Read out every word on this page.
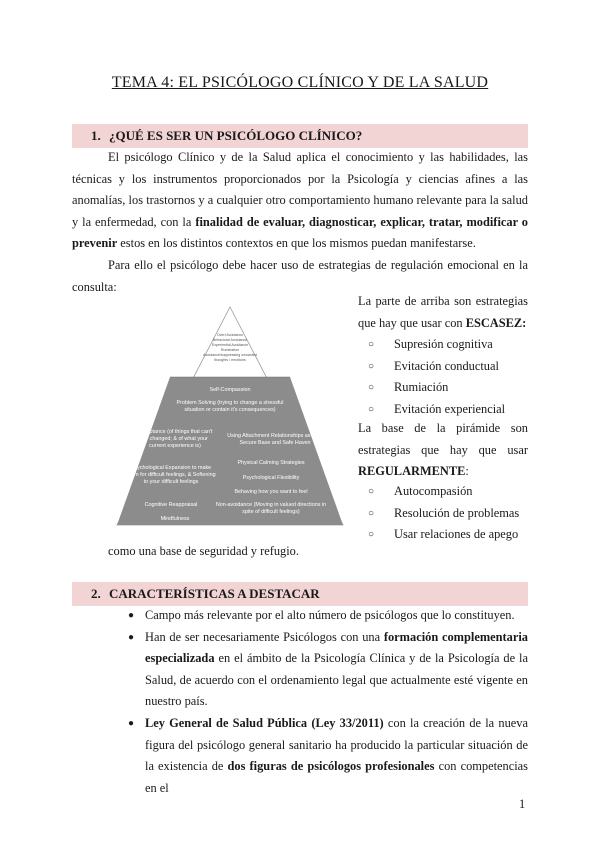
TEMA 4: EL PSICÓLOGO CLÍNICO Y DE LA SALUD
1. ¿QUÉ ES SER UN PSICÓLOGO CLÍNICO?

El psicólogo Clínico y de la Salud aplica el conocimiento y las habilidades, las técnicas y los instrumentos proporcionados por la Psicología y ciencias afines a las anomalías, los trastornos y a cualquier otro comportamiento humano relevante para la salud y la enfermedad, con la finalidad de evaluar, diagnosticar, explicar, tratar, modificar o prevenir estos en los distintos contextos en que los mismos puedan manifestarse.

Para ello el psicólogo debe hacer uso de estrategias de regulación emocional en la consulta:

Overt Avoidance
Behavioral Avoidance
Experiential Avoidance
Rumination
Avoidance/suppressing unwanted thoughts / emotions
Self-Compassion
Problem Solving (trying to change a stressful situation or contain it's consequences)
Acceptance (of things that can't be changed; & of what your current experience is)
Using Attachment Relationships as Your Secure Base and Safe Haven
Physical Calming Strategies
Psychological Expansion to make room for difficult feelings, & Softening to your difficult feelings
Psychological Flexibility
Behaving how you want to feel
Cognitive Reappraisal	Non-avoidance (Moving in valued directions in spite of difficult feelings)
Mindfulness

La parte de arriba son estrategias que hay que usar con ESCASEZ:

○ Supresión cognitiva
○ Evitación conductual
○ Rumiación
○ Evitación experiencial

La base de la pirámide son estrategias que hay que usar REGULARMENTE:

○ Autocompasión
○ Resolución de problemas
○ Usar relaciones de apego
como una base de seguridad y refugio.
2. CARACTERÍSTICAS A DESTACAR
● Campo más relevante por el alto número de psicólogos que lo constituyen.
● Han de ser necesariamente Psicólogos con una formación complementaria especializada en el ámbito de la Psicología Clínica y de la Psicología de la Salud, de acuerdo con el ordenamiento legal que actualmente esté vigente en nuestro país.
● Ley General de Salud Pública (Ley 33/2011) con la creación de la nueva figura del psicólogo general sanitario ha producido la particular situación de la existencia de dos figuras de psicólogos profesionales con competencias en el
1
